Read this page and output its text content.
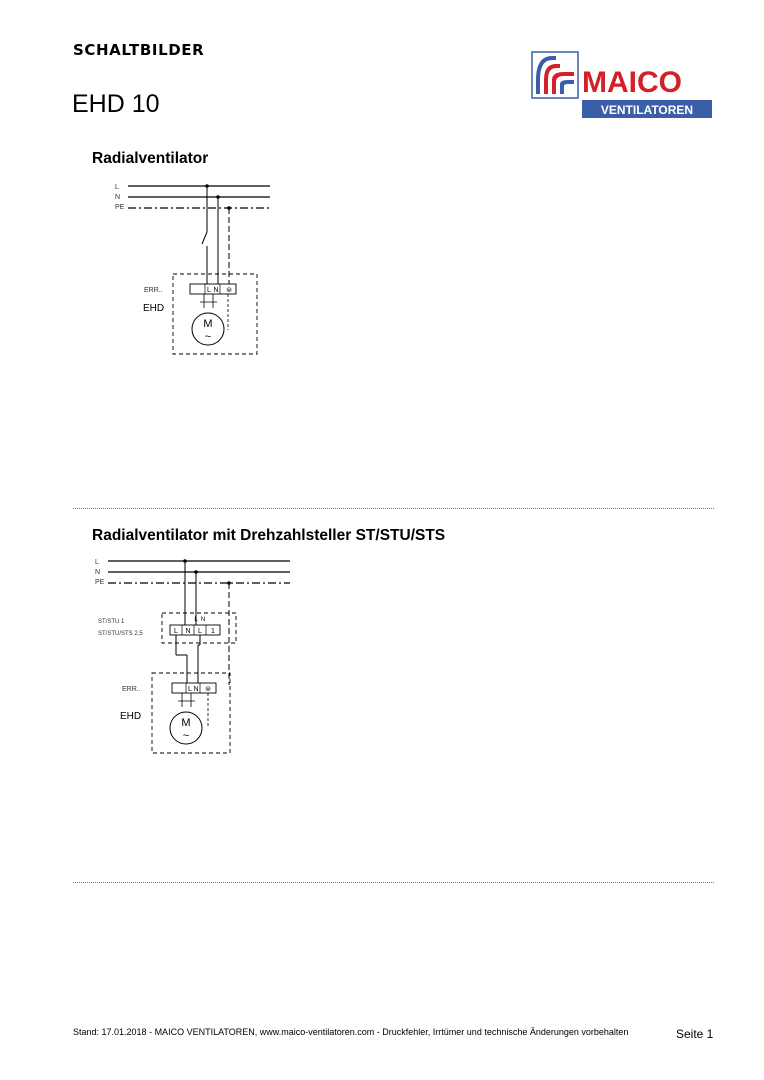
SCHALTBILDER
EHD 10
MAICO
VENTILATOREN
Radialventilator
L
N
PE
L N ⊜
M
~
ERR..
EHD
Radialventilator mit Drehzahlsteller ST/STU/STS
L
N
PE
L N
L N L 1
ST/STU 1
ST/STU/STS 2,5
L N ⊜
M
~
ERR..
EHD
Stand: 17.01.2018 - MAICO VENTILATOREN, www.maico-ventilatoren.com - Druckfehler, Irrtümer und technische Änderungen vorbehalten	Seite 1
